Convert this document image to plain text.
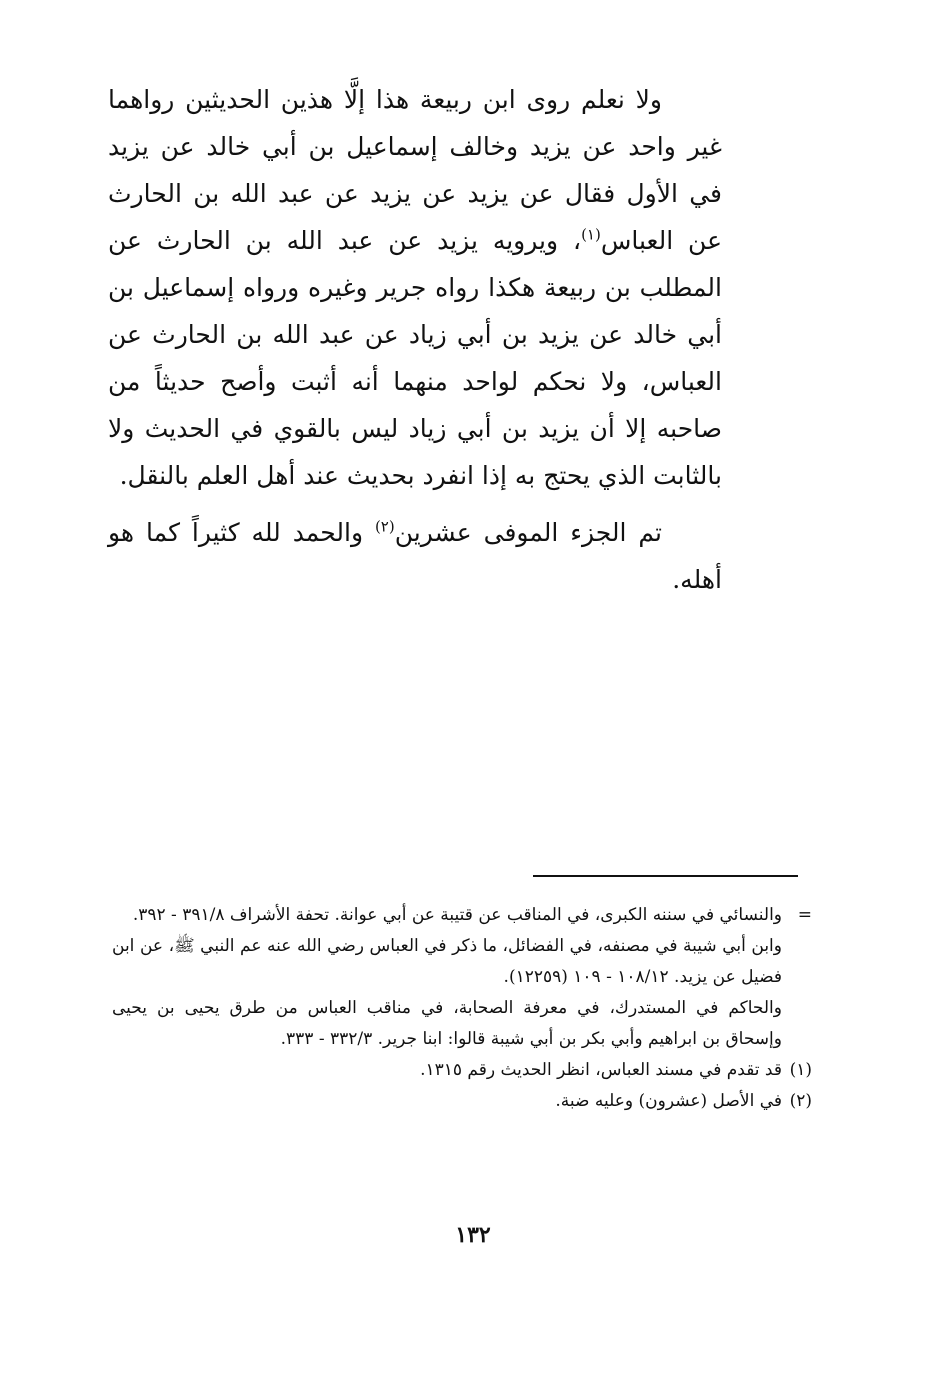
ولا نعلم روى ابن ربيعة هذا إلَّا هذين الحديثين رواهما غير واحد عن يزيد وخالف إسماعيل بن أبي خالد عن يزيد في الأول فقال عن يزيد عن يزيد عن عبد الله بن الحارث عن العباس$^{(١)}$، ويرويه يزيد عن عبد الله بن الحارث عن المطلب بن ربيعة هكذا رواه جرير وغيره ورواه إسماعيل بن أبي خالد عن يزيد بن أبي زياد عن عبد الله بن الحارث عن العباس، ولا نحكم لواحد منهما أنه أثبت وأصح حديثاً من صاحبه إلا أن يزيد بن أبي زياد ليس بالقوي في الحديث ولا بالثابت الذي يحتج به إذا انفرد بحديث عند أهل العلم بالنقل.

تم الجزء الموفى عشرين$^{(٢)}$ والحمد لله كثيراً كما هو أهله.

=
والنسائي في سننه الكبرى، في المناقب عن قتيبة عن أبي عوانة. تحفة الأشراف ٣٩١/٨ - ٣٩٢.

وابن أبي شيبة في مصنفه، في الفضائل، ما ذكر في العباس رضي الله عنه عم النبي ﷺ، عن ابن فضيل عن يزيد. ١٠٨/١٢ - ١٠٩ (١٢٢٥٩).

والحاكم في المستدرك، في معرفة الصحابة، في مناقب العباس من طرق يحيى بن يحيى وإسحاق بن ابراهيم وأبي بكر بن أبي شيبة قالوا: ابنا جرير. ٣٣٢/٣ - ٣٣٣.

(١)
قد تقدم في مسند العباس، انظر الحديث رقم ١٣١٥.
(٢)
في الأصل (عشرون) وعليه ضبة.
١٣٢
